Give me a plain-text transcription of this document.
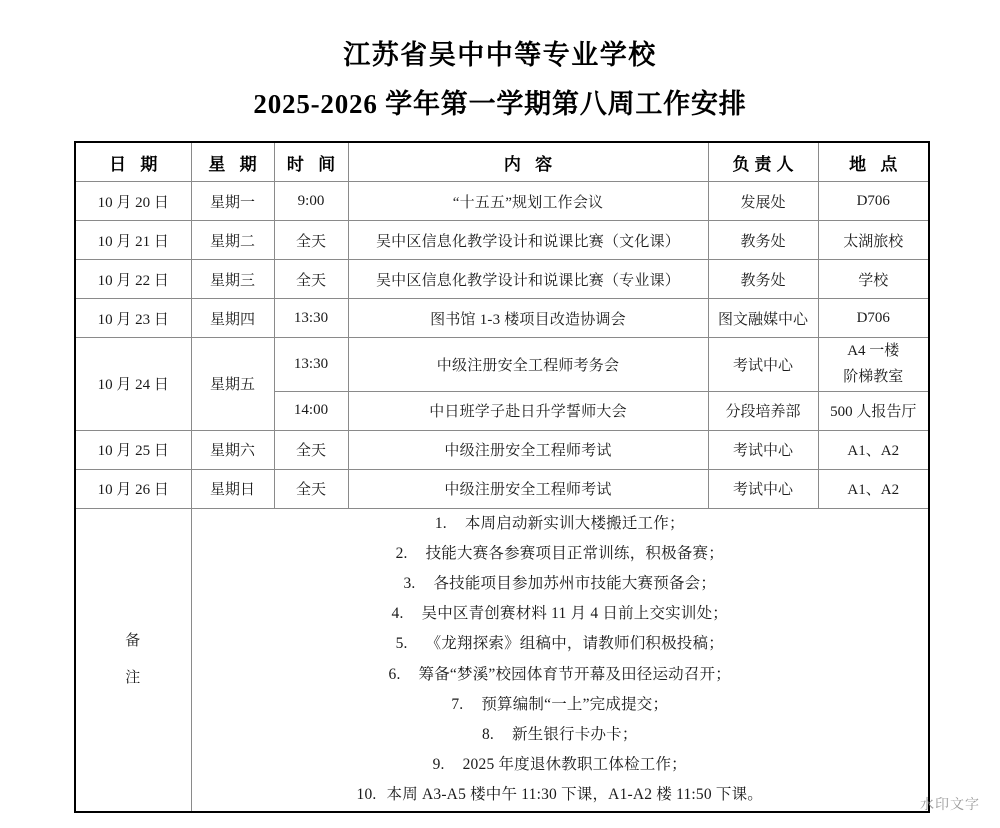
江苏省吴中中等专业学校
2025-2026 学年第一学期第八周工作安排
日 期	星 期	时 间	内 容	负责人	地 点
10 月 20 日	星期一	9:00	“十五五”规划工作会议	发展处	D706
10 月 21 日	星期二	全天	吴中区信息化教学设计和说课比赛（文化课）	教务处	太湖旅校
10 月 22 日	星期三	全天	吴中区信息化教学设计和说课比赛（专业课）	教务处	学校
10 月 23 日	星期四	13:30	图书馆 1-3 楼项目改造协调会	图文融媒中心	D706
10 月 24 日	星期五	13:30	中级注册安全工程师考务会	考试中心	A4 一楼
阶梯教室

		14:00	中日班学子赴日升学誓师大会	分段培养部	500 人报告厅
10 月 25 日	星期六	全天	中级注册安全工程师考试	考试中心	A1、A2
10 月 26 日	星期日	全天	中级注册安全工程师考试	考试中心	A1、A2

备
注

1. 本周启动新实训大楼搬迁工作；
2. 技能大赛各参赛项目正常训练，积极备赛；
3. 各技能项目参加苏州市技能大赛预备会；
4. 吴中区青创赛材料 11 月 4 日前上交实训处；
5. 《龙翔探索》组稿中，请教师们积极投稿；
6. 筹备“梦溪”校园体育节开幕及田径运动召开；
7. 预算编制“一上”完成提交；
8. 新生银行卡办卡；
9. 2025 年度退休教职工体检工作；
10. 本周 A3-A5 楼中午 11:30 下课，A1-A2 楼 11:50 下课。
水印文字
